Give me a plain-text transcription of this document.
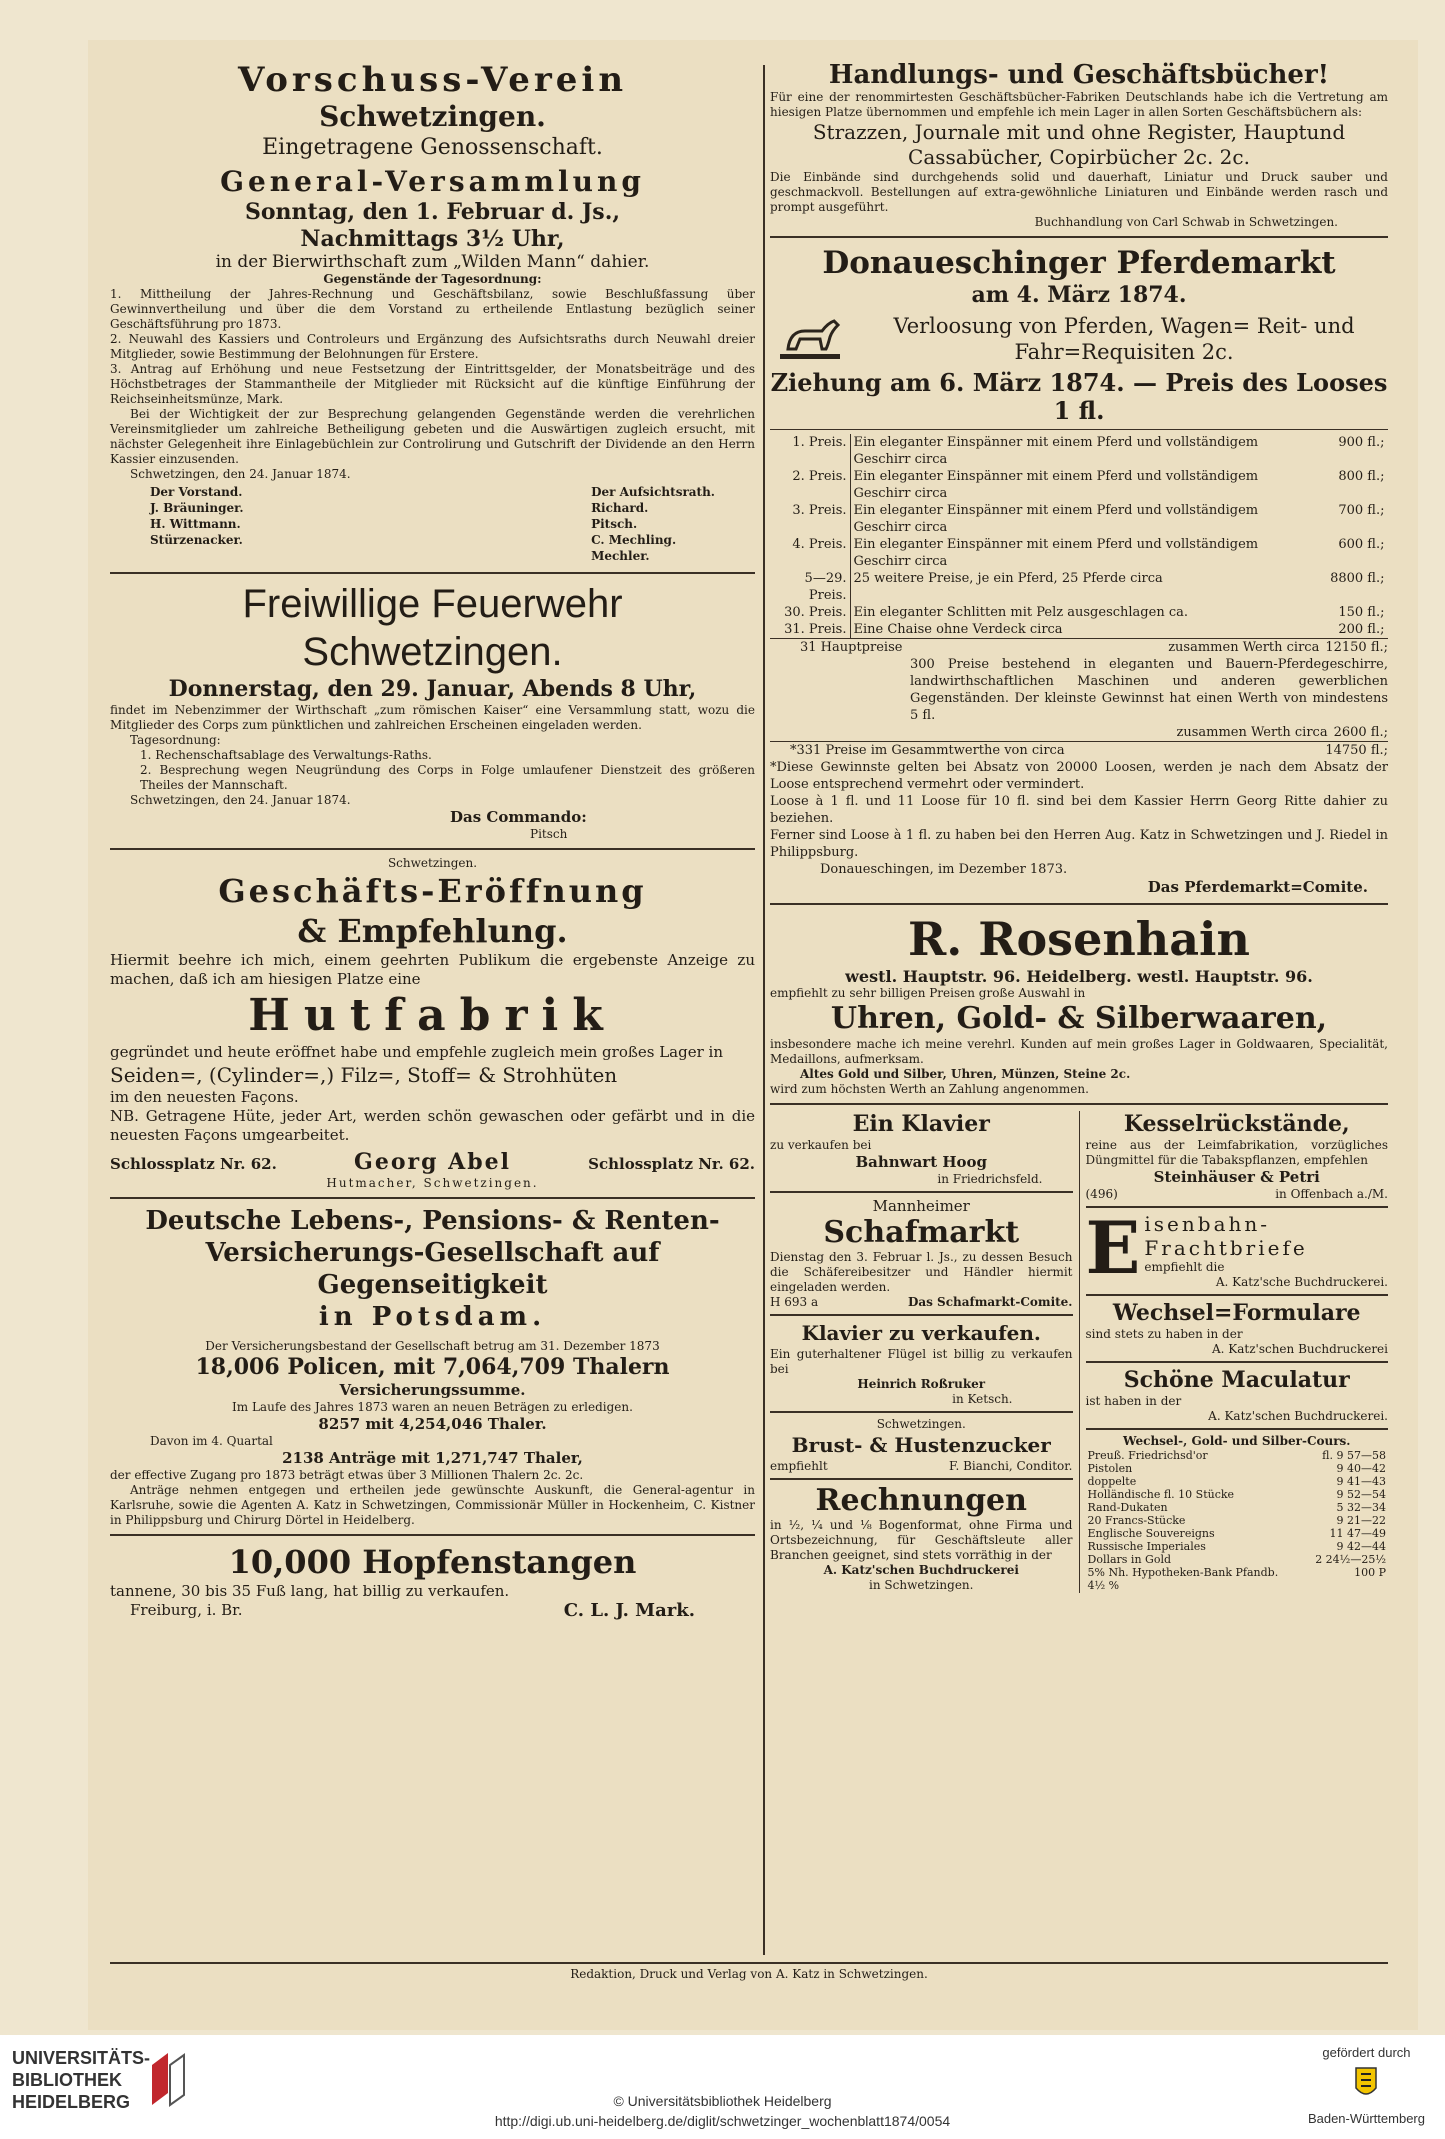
Vorschuss-Verein
Schwetzingen.
Eingetragene Genossenschaft.
General-Versammlung
Sonntag, den 1. Februar d. Js.,
Nachmittags 3½ Uhr,
in der Bierwirthschaft zum „Wilden Mann“ dahier.
Gegenstände der Tagesordnung:
1. Mittheilung der Jahres-Rechnung und Geschäftsbilanz, sowie Beschlußfassung über Gewinnvertheilung und über die dem Vorstand zu ertheilende Entlastung bezüglich seiner Geschäftsführung pro 1873.
2. Neuwahl des Kassiers und Controleurs und Ergänzung des Aufsichtsraths durch Neuwahl dreier Mitglieder, sowie Bestimmung der Belohnungen für Erstere.
3. Antrag auf Erhöhung und neue Festsetzung der Eintrittsgelder, der Monatsbeiträge und des Höchstbetrages der Stammantheile der Mitglieder mit Rücksicht auf die künftige Einführung der Reichseinheitsmünze, Mark.
Bei der Wichtigkeit der zur Besprechung gelangenden Gegenstände werden die verehrlichen Vereinsmitglieder um zahlreiche Betheiligung gebeten und die Auswärtigen zugleich ersucht, mit nächster Gelegenheit ihre Einlagebüchlein zur Controlirung und Gutschrift der Dividende an den Herrn Kassier einzusenden.
Schwetzingen, den 24. Januar 1874.
Der Vorstand.
J. Bräuninger.
H. Wittmann.
Stürzenacker.
Der Aufsichtsrath.
Richard.
Pitsch.
C. Mechling.
Mechler.
Freiwillige Feuerwehr
Schwetzingen.
Donnerstag, den 29. Januar, Abends 8 Uhr,
findet im Nebenzimmer der Wirthschaft „zum römischen Kaiser“ eine Versammlung statt, wozu die Mitglieder des Corps zum pünktlichen und zahlreichen Erscheinen eingeladen werden.
Tagesordnung:
1. Rechenschaftsablage des Verwaltungs-Raths.
2. Besprechung wegen Neugründung des Corps in Folge umlaufener Dienstzeit des größeren Theiles der Mannschaft.
Schwetzingen, den 24. Januar 1874.
Das Commando:
Pitsch
Schwetzingen.
Geschäfts-Eröffnung
& Empfehlung.
Hiermit beehre ich mich, einem geehrten Publikum die ergebenste Anzeige zu machen, daß ich am hiesigen Platze eine
Hutfabrik
gegründet und heute eröffnet habe und empfehle zugleich mein großes Lager in
Seiden=, (Cylinder=,) Filz=, Stoff= & Strohhüten
im den neuesten Façons.
NB. Getragene Hüte, jeder Art, werden schön gewaschen oder gefärbt und in die neuesten Façons umgearbeitet.
Schlossplatz Nr. 62.	Georg Abel	Schlossplatz Nr. 62.
Hutmacher, Schwetzingen.
Deutsche Lebens-, Pensions- & Renten-
Versicherungs-Gesellschaft auf Gegenseitigkeit
in Potsdam.
Der Versicherungsbestand der Gesellschaft betrug am 31. Dezember 1873
18,006 Policen, mit 7,064,709 Thalern
Versicherungssumme.
Im Laufe des Jahres 1873 waren an neuen Beträgen zu erledigen.
8257 mit 4,254,046 Thaler.
Davon im 4. Quartal
2138 Anträge mit 1,271,747 Thaler,
der effective Zugang pro 1873 beträgt etwas über 3 Millionen Thalern 2c. 2c.
Anträge nehmen entgegen und ertheilen jede gewünschte Auskunft, die General-agentur in Karlsruhe, sowie die Agenten A. Katz in Schwetzingen, Commissionär Müller in Hockenheim, C. Kistner in Philippsburg und Chirurg Dörtel in Heidelberg.
10,000 Hopfenstangen
tannene, 30 bis 35 Fuß lang, hat billig zu verkaufen.
Freiburg, i. Br.	C. L. J. Mark.
Handlungs- und Geschäftsbücher!
Für eine der renommirtesten Geschäftsbücher-Fabriken Deutschlands habe ich die Vertretung am hiesigen Platze übernommen und empfehle ich mein Lager in allen Sorten Geschäftsbüchern als:
Strazzen, Journale mit und ohne Register, Hauptund Cassabücher, Copirbücher 2c. 2c.
Die Einbände sind durchgehends solid und dauerhaft, Liniatur und Druck sauber und geschmackvoll. Bestellungen auf extra-gewöhnliche Liniaturen und Einbände werden rasch und prompt ausgeführt.
Buchhandlung von Carl Schwab in Schwetzingen.
Donaueschinger Pferdemarkt
am 4. März 1874.
Verloosung von Pferden, Wagen= Reit- und Fahr=Requisiten 2c.
Ziehung am 6. März 1874. — Preis des Looses 1 fl.
1. Preis.	Ein eleganter Einspänner mit einem Pferd und vollständigem Geschirr circa	900 fl.;
2. Preis.	Ein eleganter Einspänner mit einem Pferd und vollständigem Geschirr circa	800 fl.;
3. Preis.	Ein eleganter Einspänner mit einem Pferd und vollständigem Geschirr circa	700 fl.;
4. Preis.	Ein eleganter Einspänner mit einem Pferd und vollständigem Geschirr circa	600 fl.;
5—29. Preis.	25 weitere Preise, je ein Pferd, 25 Pferde circa	8800 fl.;
30. Preis.	Ein eleganter Schlitten mit Pelz ausgeschlagen ca.	150 fl.;
31. Preis.	Eine Chaise ohne Verdeck circa	200 fl.;
31 Hauptpreise	zusammen Werth circa 12150 fl.;
300 Preise bestehend in eleganten und Bauern-Pferdegeschirre, landwirthschaftlichen Maschinen und anderen gewerblichen Gegenständen. Der kleinste Gewinnst hat einen Werth von mindestens 5 fl.
zusammen Werth circa 2600 fl.;
*331 Preise im Gesammtwerthe von circa	14750 fl.;
*Diese Gewinnste gelten bei Absatz von 20000 Loosen, werden je nach dem Absatz der Loose entsprechend vermehrt oder vermindert.
Loose à 1 fl. und 11 Loose für 10 fl. sind bei dem Kassier Herrn Georg Ritte dahier zu beziehen.
Ferner sind Loose à 1 fl. zu haben bei den Herren Aug. Katz in Schwetzingen und J. Riedel in Philippsburg.
Donaueschingen, im Dezember 1873.
Das Pferdemarkt=Comite.
R. Rosenhain
westl. Hauptstr. 96. Heidelberg. westl. Hauptstr. 96.
empfiehlt zu sehr billigen Preisen große Auswahl in
Uhren, Gold- & Silberwaaren,
insbesondere mache ich meine verehrl. Kunden auf mein großes Lager in Goldwaaren, Specialität, Medaillons, aufmerksam.
Altes Gold und Silber, Uhren, Münzen, Steine 2c.
wird zum höchsten Werth an Zahlung angenommen.
Ein Klavier
zu verkaufen bei
Bahnwart Hoog
in Friedrichsfeld.
Mannheimer
Schafmarkt
Dienstag den 3. Februar l. Js., zu dessen Besuch die Schäfereibesitzer und Händler hiermit eingeladen werden.
H 693 a	Das Schafmarkt-Comite.
Klavier zu verkaufen.
Ein guterhaltener Flügel ist billig zu verkaufen bei
Heinrich Roßruker
in Ketsch.
Schwetzingen.
Brust- & Hustenzucker
empfiehlt	F. Bianchi, Conditor.
Rechnungen
in ½, ¼ und ⅛ Bogenformat, ohne Firma und Ortsbezeichnung, für Geschäftsleute aller Branchen geeignet, sind stets vorräthig in der
A. Katz'schen Buchdruckerei
in Schwetzingen.
Kesselrückstände,
reine aus der Leimfabrikation, vorzügliches Düngmittel für die Tabakspflanzen, empfehlen
Steinhäuser & Petri
(496)	in Offenbach a./M.
E isenbahn-
Frachtbriefe
empfiehlt die
A. Katz'sche Buchdruckerei.
Wechsel=Formulare
sind stets zu haben in der
A. Katz'schen Buchdruckerei
Schöne Maculatur
ist haben in der
A. Katz'schen Buchdruckerei.
Wechsel-, Gold- und Silber-Cours.
Preuß. Friedrichsd'or	fl. 9 57—58
Pistolen	9 40—42
doppelte	9 41—43
Holländische fl. 10 Stücke	9 52—54
Rand-Dukaten	5 32—34
20 Francs-Stücke	9 21—22
Englische Souvereigns	11 47—49
Russische Imperiales	9 42—44
Dollars in Gold	2 24½—25½
5% Nh. Hypotheken-Bank Pfandb.	100 P
4½ %	
Redaktion, Druck und Verlag von A. Katz in Schwetzingen.
UNIVERSITÄTS-
BIBLIOTHEK
HEIDELBERG	© Universitätsbibliothek Heidelberg
http://digi.ub.uni-heidelberg.de/diglit/schwetzinger_wochenblatt1874/0054
gefördert durch
Baden-Württemberg
